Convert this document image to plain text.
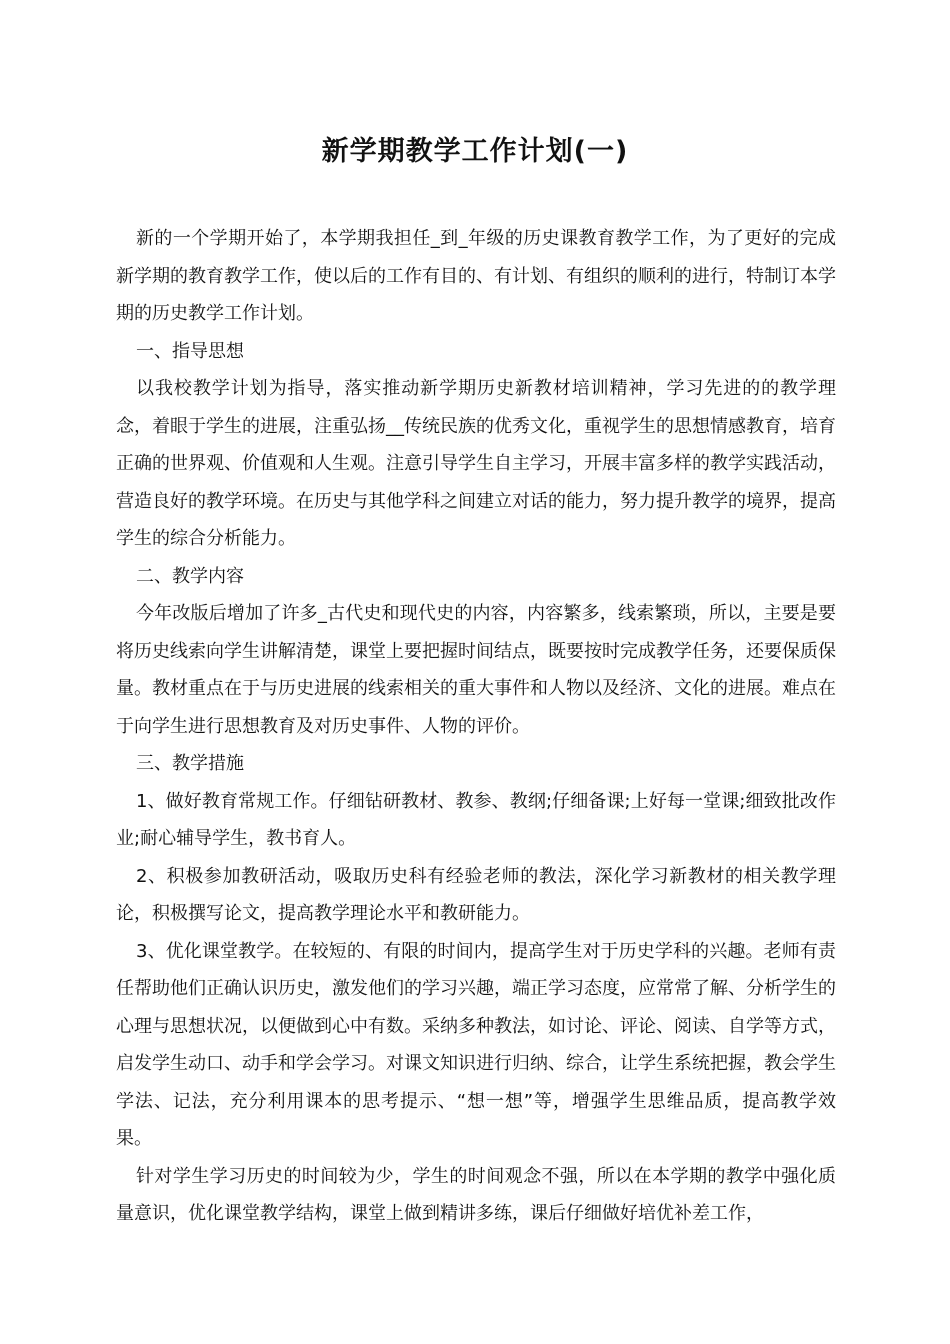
新学期教学工作计划(一)

新的一个学期开始了，本学期我担任_到_年级的历史课教育教学工作，为了更好的完成新学期的教育教学工作，使以后的工作有目的、有计划、有组织的顺利的进行，特制订本学期的历史教学工作计划。

一、指导思想

以我校教学计划为指导，落实推动新学期历史新教材培训精神，学习先进的的教学理念，着眼于学生的进展，注重弘扬__传统民族的优秀文化，重视学生的思想情感教育，培育正确的世界观、价值观和人生观。注意引导学生自主学习，开展丰富多样的教学实践活动，营造良好的教学环境。在历史与其他学科之间建立对话的能力，努力提升教学的境界，提高学生的综合分析能力。

二、教学内容

今年改版后增加了许多_古代史和现代史的内容，内容繁多，线索繁琐，所以，主要是要将历史线索向学生讲解清楚，课堂上要把握时间结点，既要按时完成教学任务，还要保质保量。教材重点在于与历史进展的线索相关的重大事件和人物以及经济、文化的进展。难点在于向学生进行思想教育及对历史事件、人物的评价。

三、教学措施

1、做好教育常规工作。仔细钻研教材、教参、教纲;仔细备课;上好每一堂课;细致批改作业;耐心辅导学生，教书育人。

2、积极参加教研活动，吸取历史科有经验老师的教法，深化学习新教材的相关教学理论，积极撰写论文，提高教学理论水平和教研能力。

3、优化课堂教学。在较短的、有限的时间内，提高学生对于历史学科的兴趣。老师有责任帮助他们正确认识历史，激发他们的学习兴趣，端正学习态度，应常常了解、分析学生的心理与思想状况，以便做到心中有数。采纳多种教法，如讨论、评论、阅读、自学等方式，启发学生动口、动手和学会学习。对课文知识进行归纳、综合，让学生系统把握，教会学生学法、记法，充分利用课本的思考提示、“想一想”等，增强学生思维品质，提高教学效果。

针对学生学习历史的时间较为少，学生的时间观念不强，所以在本学期的教学中强化质量意识，优化课堂教学结构，课堂上做到精讲多练，课后仔细做好培优补差工作，
